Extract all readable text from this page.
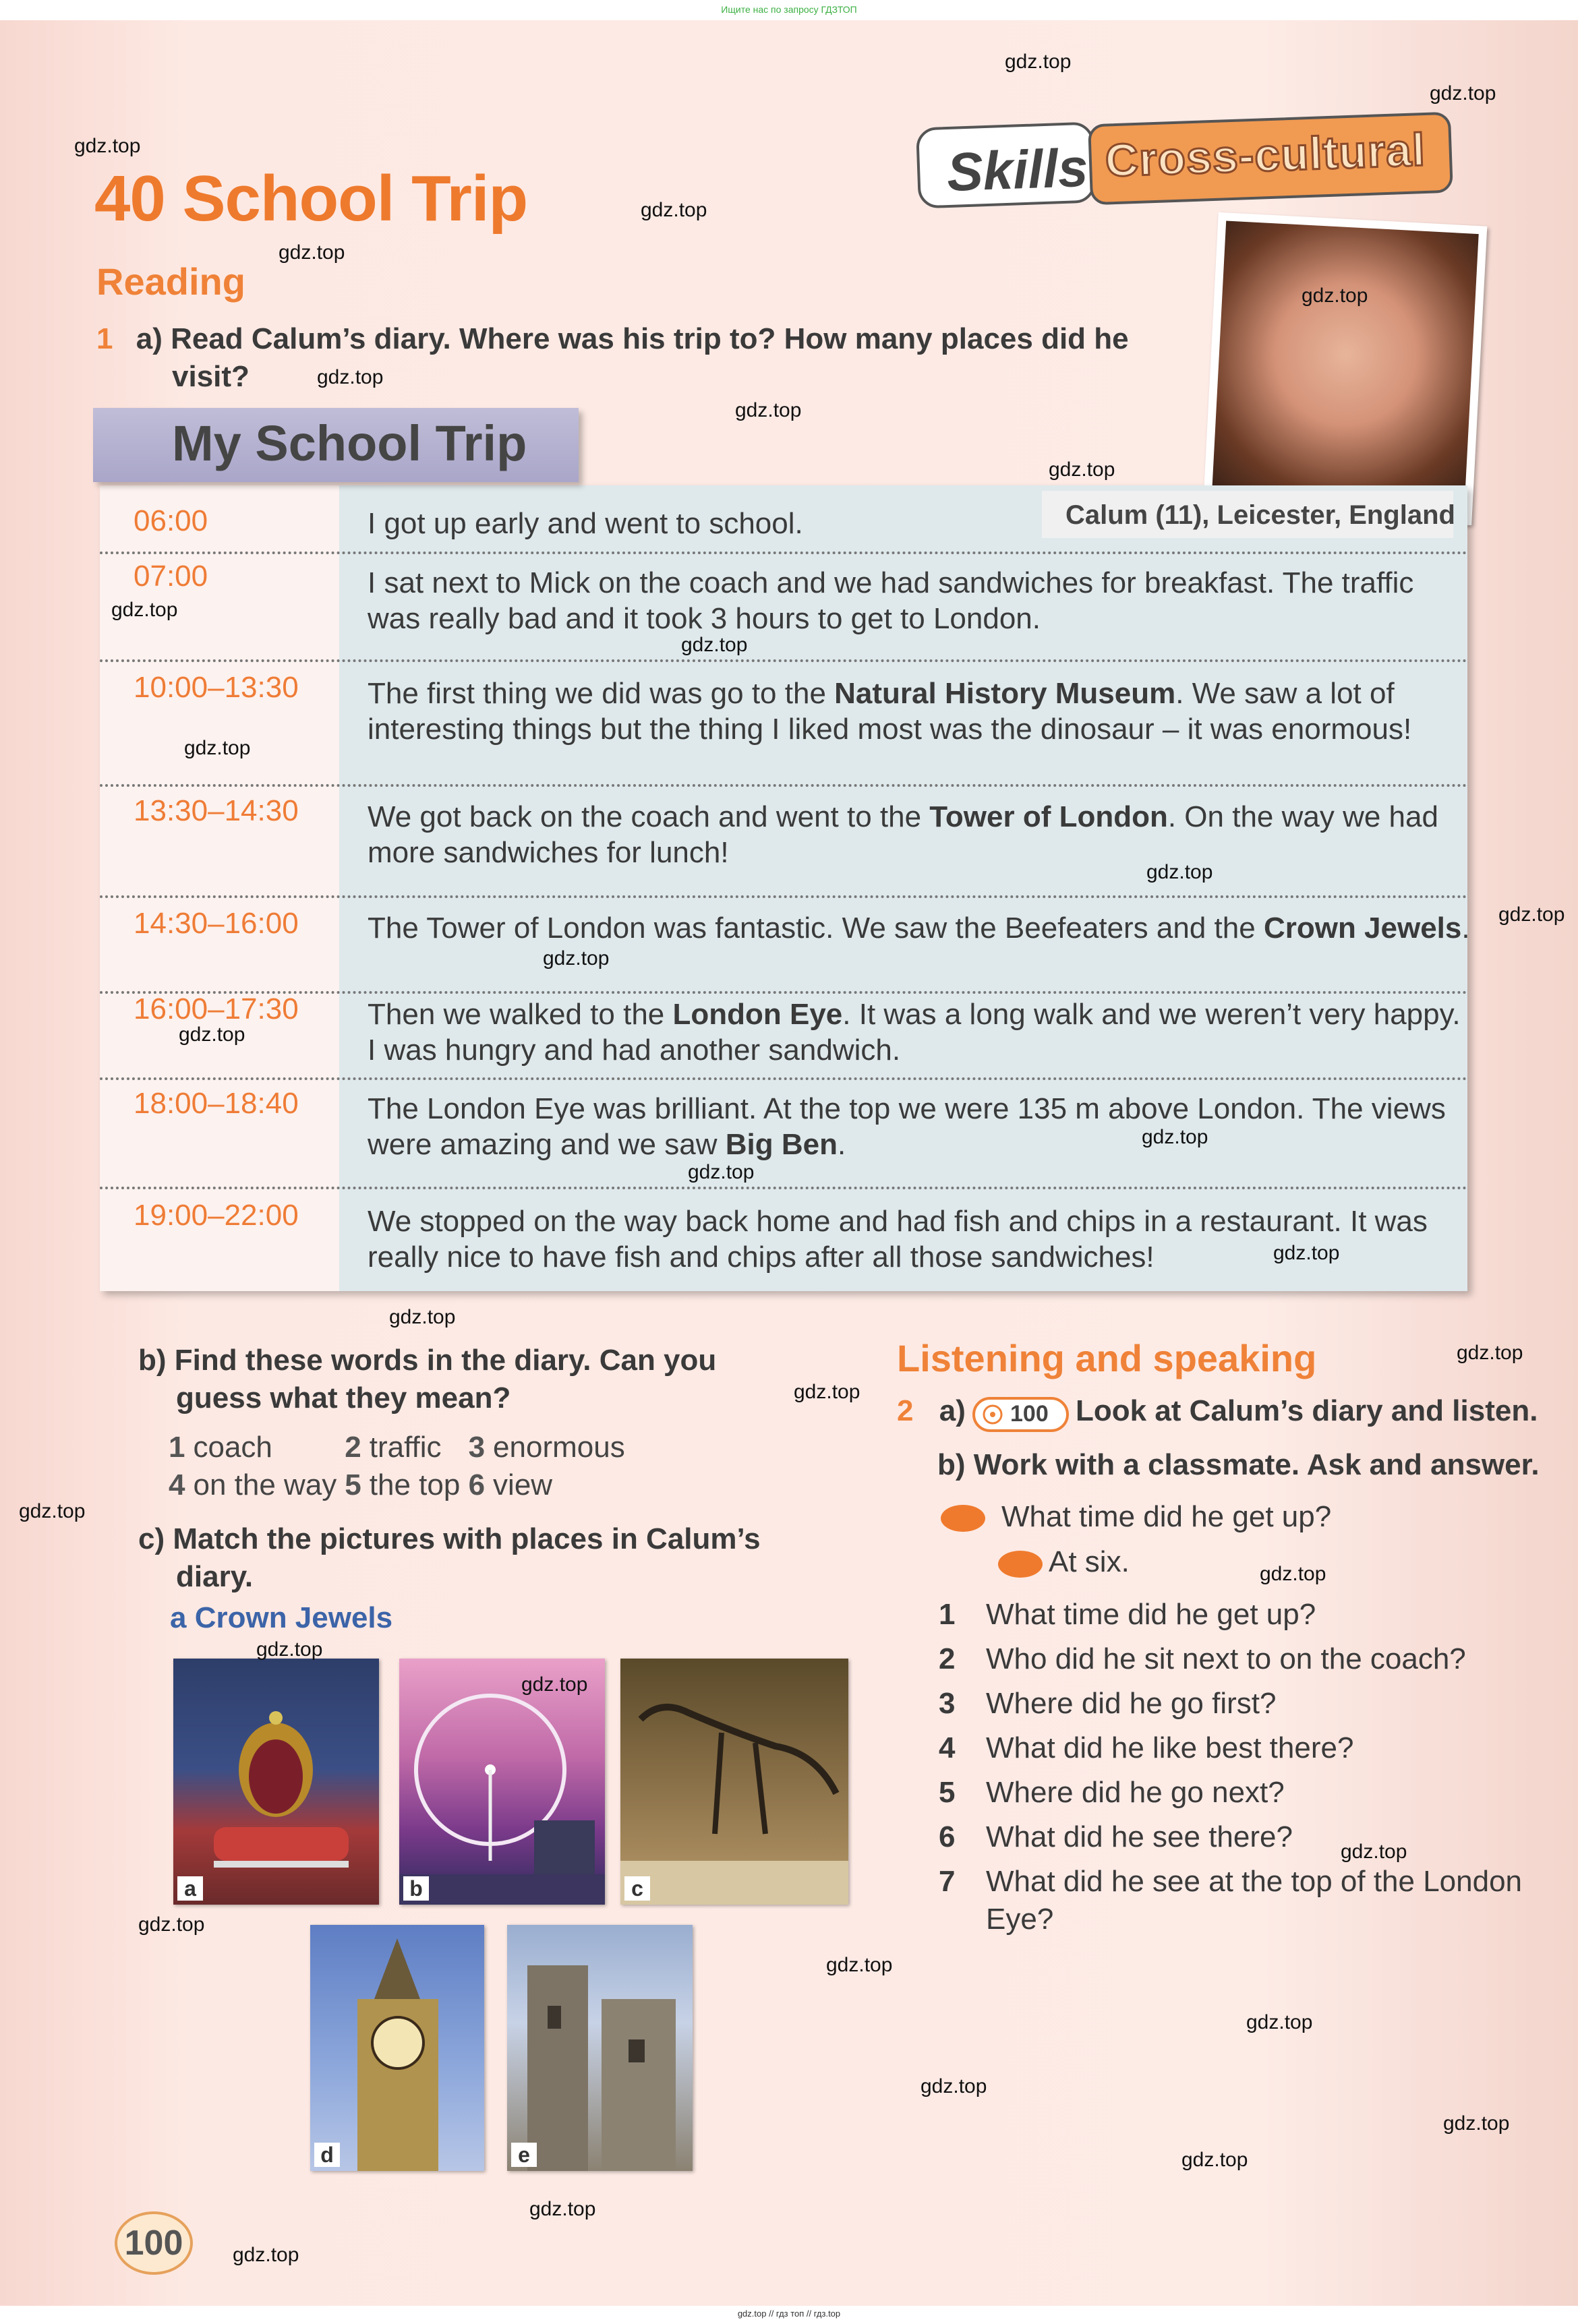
Ищите нас по запросу ГДЗТОП
Skills Cross-cultural
40 School Trip
Reading
1 a) Read Calum’s diary. Where was his trip to? How many places did he
visit?
My School Trip
Calum (11), Leicester, England
06:00	I got up early and went to school.
07:00	I sat next to Mick on the coach and we had sandwiches for breakfast. The traffic was really bad and it took 3 hours to get to London.
10:00–13:30 The first thing we did was go to the Natural History Museum. We saw a lot of interesting things but the thing I liked most was the dinosaur – it was enormous!
13:30–14:30 We got back on the coach and went to the Tower of London. On the way we had more sandwiches for lunch!
14:30–16:00 The Tower of London was fantastic. We saw the Beefeaters and the Crown Jewels.
16:00–17:30 Then we walked to the London Eye. It was a long walk and we weren’t very happy. I was hungry and had another sandwich.
18:00–18:40 The London Eye was brilliant. At the top we were 135 m above London. The views were amazing and we saw Big Ben.
19:00–22:00 We stopped on the way back home and had fish and chips in a restaurant. It was really nice to have fish and chips after all those sandwiches!
b) Find these words in the diary. Can you
guess what they mean?
1	coach	2	traffic	3	enormous
4	on the way	5	the top	6	view
c) Match the pictures with places in Calum’s
diary.
a Crown Jewels
a	b	c
d	e
Listening and speaking
2 a) 100 Look at Calum’s diary and listen.
b) Work with a classmate. Ask and answer.
What time did he get up?
At six.
1 What time did he get up?
2 Who did he sit next to on the coach?
3 Where did he go first?
4 What did he like best there?
5 Where did he go next?
6 What did he see there?
7 What did he see at the top of the London
Eye?
100
gdz.top
gdz.top
gdz.top
gdz.top
gdz.top
gdz.top
gdz.top
gdz.top
gdz.top
gdz.top
gdz.top
gdz.top
gdz.top
gdz.top
gdz.top
gdz.top
gdz.top
gdz.top
gdz.top
gdz.top
gdz.top
gdz.top
gdz.top
gdz.top
gdz.top
gdz.top
gdz.top
gdz.top
gdz.top
gdz.top
gdz.top
gdz.top
gdz.top
gdz.top
gdz.top
gdz.top // гдз топ // гдз.top
